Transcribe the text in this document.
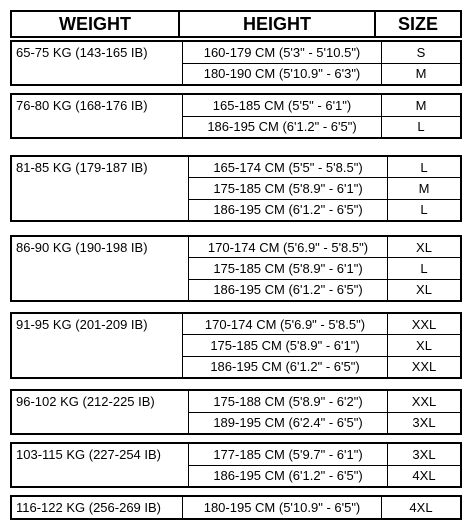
WEIGHT	HEIGHT	SIZE
65-75 KG (143-165 IB)	160-179 CM (5'3" - 5'10.5")	S
180-190 CM (5'10.9" - 6'3")	M
76-80 KG (168-176 IB)	165-185 CM (5'5" - 6'1")	M
186-195 CM (6'1.2" - 6'5")	L
81-85 KG (179-187 IB)	165-174 CM (5'5" - 5'8.5")	L
175-185 CM (5'8.9" - 6'1")	M
186-195 CM (6'1.2" - 6'5")	L
86-90 KG (190-198 IB)	170-174 CM (5'6.9" - 5'8.5")	XL
175-185 CM (5'8.9" - 6'1")	L
186-195 CM (6'1.2" - 6'5")	XL
91-95 KG (201-209 IB)	170-174 CM (5'6.9" - 5'8.5")	XXL
175-185 CM (5'8.9" - 6'1")	XL
186-195 CM (6'1.2" - 6'5")	XXL
96-102 KG (212-225 IB)	175-188 CM (5'8.9" - 6'2")	XXL
189-195 CM (6'2.4" - 6'5")	3XL
103-115 KG (227-254 IB)	177-185 CM (5'9.7" - 6'1")	3XL
186-195 CM (6'1.2" - 6'5")	4XL
116-122 KG (256-269 IB)	180-195 CM (5'10.9" - 6'5")	4XL
